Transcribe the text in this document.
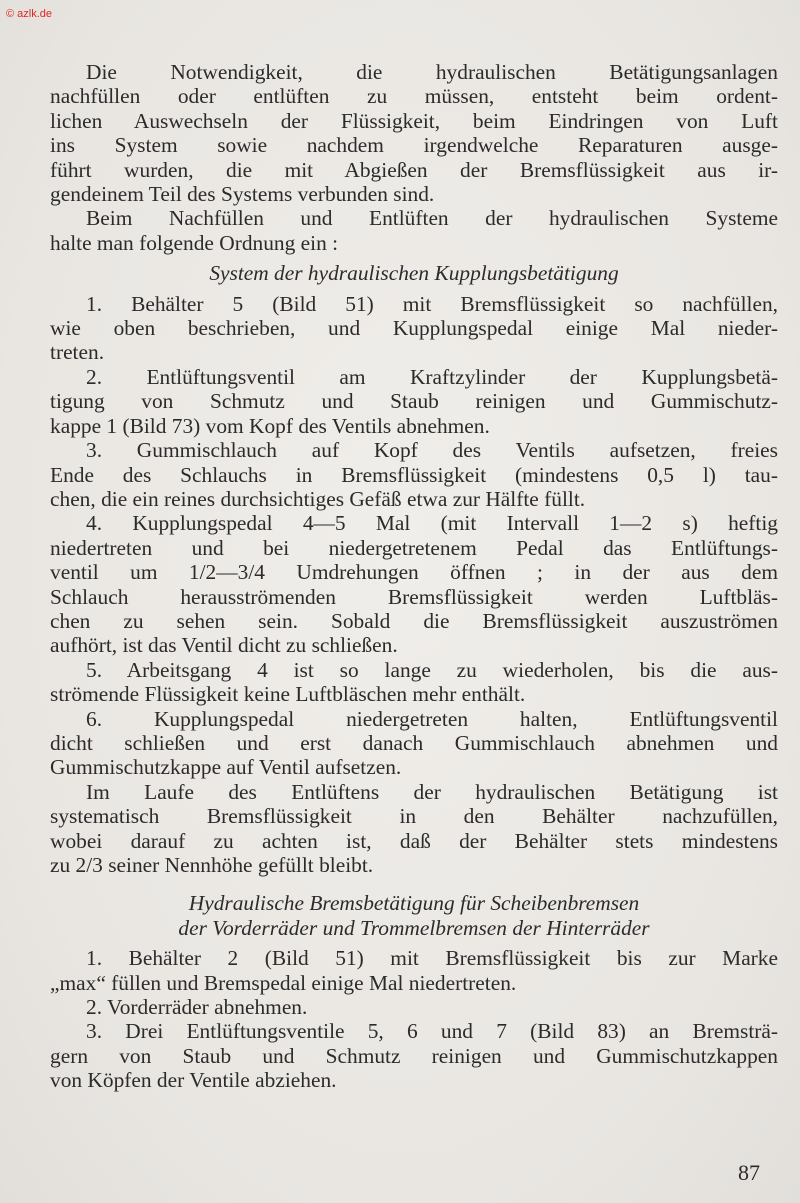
© azlk.de

Die Notwendigkeit, die hydraulischen Betätigungsanlagen
nachfüllen oder entlüften zu müssen, entsteht beim ordent-
lichen Auswechseln der Flüssigkeit, beim Eindringen von Luft
ins System sowie nachdem irgendwelche Reparaturen ausge-
führt wurden, die mit Abgießen der Bremsflüssigkeit aus ir-
gendeinem Teil des Systems verbunden sind.

Beim Nachfüllen und Entlüften der hydraulischen Systeme
halte man folgende Ordnung ein :

System der hydraulischen Kupplungsbetätigung

1. Behälter 5 (Bild 51) mit Bremsflüssigkeit so nachfüllen,
wie oben beschrieben, und Kupplungspedal einige Mal nieder-
treten.

2. Entlüftungsventil am Kraftzylinder der Kupplungsbetä-
tigung von Schmutz und Staub reinigen und Gummischutz-
kappe 1 (Bild 73) vom Kopf des Ventils abnehmen.

3. Gummischlauch auf Kopf des Ventils aufsetzen, freies
Ende des Schlauchs in Bremsflüssigkeit (mindestens 0,5 l) tau-
chen, die ein reines durchsichtiges Gefäß etwa zur Hälfte füllt.

4. Kupplungspedal 4—5 Mal (mit Intervall 1—2 s) heftig
niedertreten und bei niedergetretenem Pedal das Entlüftungs-
ventil um 1/2—3/4 Umdrehungen öffnen ; in der aus dem
Schlauch herausströmenden Bremsflüssigkeit werden Luftbläs-
chen zu sehen sein. Sobald die Bremsflüssigkeit auszuströmen
aufhört, ist das Ventil dicht zu schließen.

5. Arbeitsgang 4 ist so lange zu wiederholen, bis die aus-
strömende Flüssigkeit keine Luftbläschen mehr enthält.

6. Kupplungspedal niedergetreten halten, Entlüftungsventil
dicht schließen und erst danach Gummischlauch abnehmen und
Gummischutzkappe auf Ventil aufsetzen.

Im Laufe des Entlüftens der hydraulischen Betätigung ist
systematisch Bremsflüssigkeit in den Behälter nachzufüllen,
wobei darauf zu achten ist, daß der Behälter stets mindestens
zu 2/3 seiner Nennhöhe gefüllt bleibt.

Hydraulische Bremsbetätigung für Scheibenbremsen

der Vorderräder und Trommelbremsen der Hinterräder

1. Behälter 2 (Bild 51) mit Bremsflüssigkeit bis zur Marke
„max“ füllen und Bremspedal einige Mal niedertreten.

2. Vorderräder abnehmen.

3. Drei Entlüftungsventile 5, 6 und 7 (Bild 83) an Bremsträ-
gern von Staub und Schmutz reinigen und Gummischutzkappen
von Köpfen der Ventile abziehen.

87
